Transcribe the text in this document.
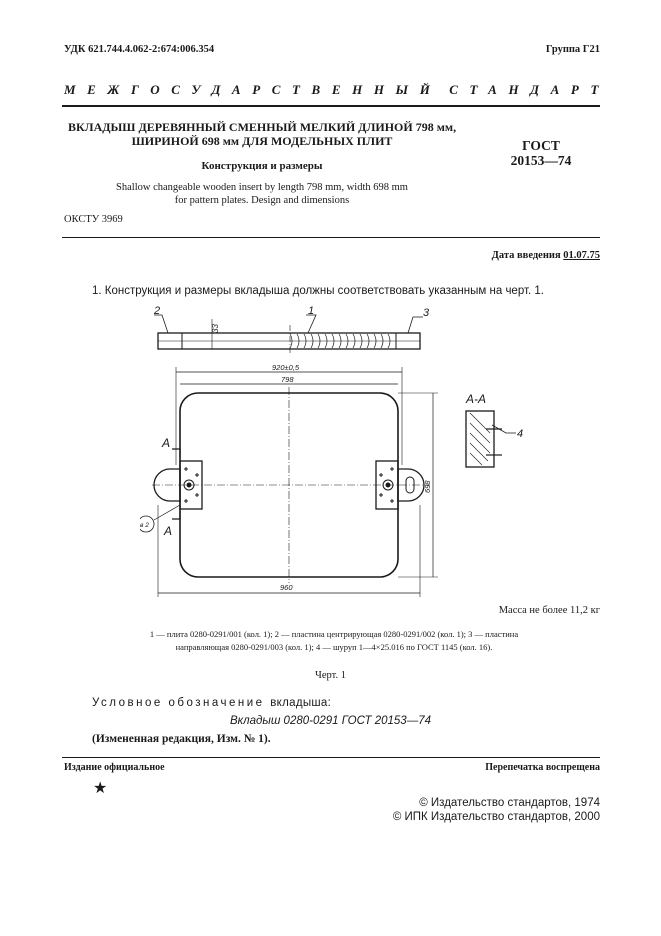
УДК 621.744.4.062-2:674:006.354	Группа Г21
МЕЖГОСУДАРСТВЕННЫЙ СТАНДАРТ
ВКЛАДЫШ ДЕРЕВЯННЫЙ СМЕННЫЙ МЕЛКИЙ ДЛИНОЙ 798 мм,
ШИРИНОЙ 698 мм ДЛЯ МОДЕЛЬНЫХ ПЛИТ
Конструкция и размеры
Shallow changeable wooden insert by length 798 mm, width 698 mm
for pattern plates. Design and dimensions
ГОСТ
20153—74
ОКСТУ 3969
Дата введения 01.07.75
1. Конструкция и размеры вкладыша должны соответствовать указанным на черт. 1.
2	1	3
33
920±0,5
798
698
960
А
А
в 2
А-А
4
Масса не более 11,2 кг
1 — плита 0280-0291/001 (кол. 1); 2 — пластина центрирующая 0280-0291/002 (кол. 1); 3 — пластина
направляющая 0280-0291/003 (кол. 1); 4 — шуруп 1—4×25.016 по ГОСТ 1145 (кол. 16).
Черт. 1
Условное обозначение вкладыша:
Вкладыш 0280-0291 ГОСТ 20153—74
(Измененная редакция, Изм. № 1).
Издание официальное	Перепечатка воспрещена
★
© Издательство стандартов, 1974
© ИПК Издательство стандартов, 2000
